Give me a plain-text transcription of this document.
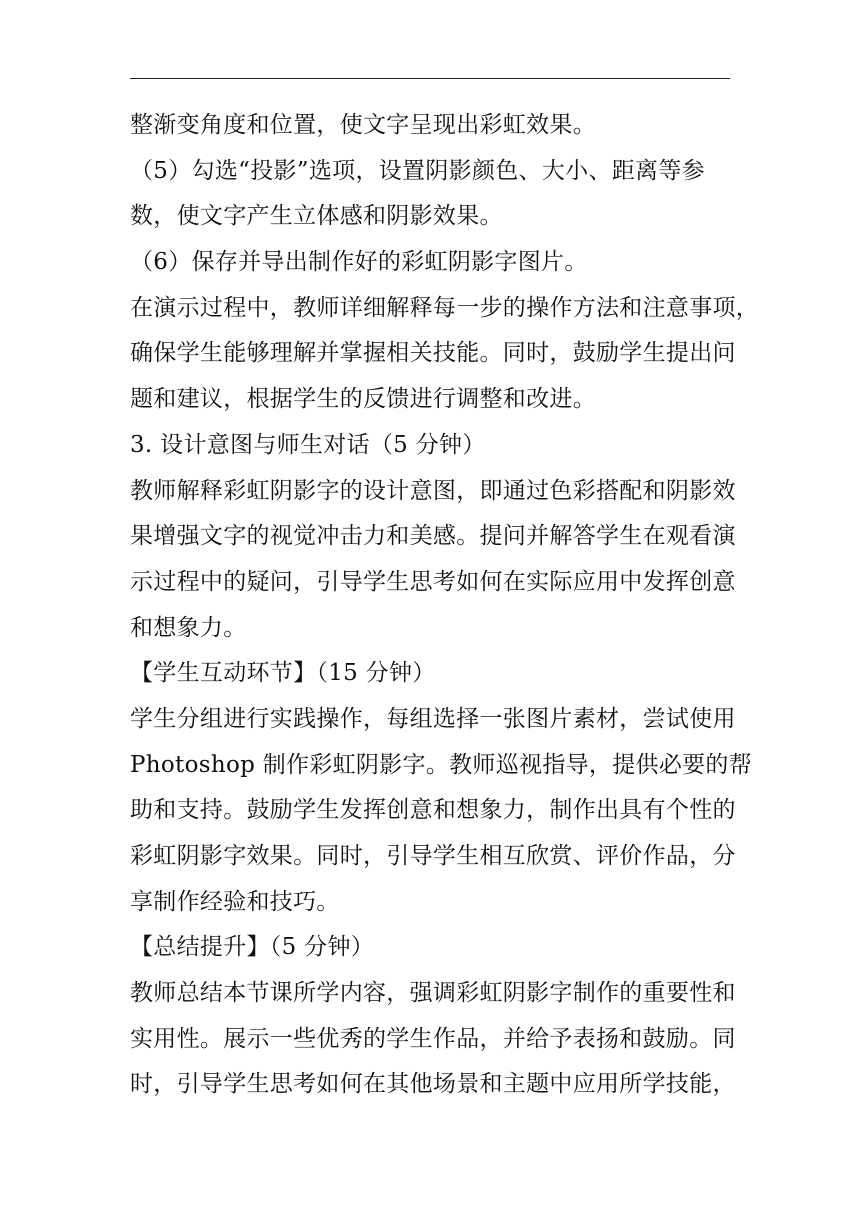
整渐变角度和位置，使文字呈现出彩虹效果。
（5）勾选“投影”选项，设置阴影颜色、大小、距离等参
数，使文字产生立体感和阴影效果。
（6）保存并导出制作好的彩虹阴影字图片。
在演示过程中，教师详细解释每一步的操作方法和注意事项，
确保学生能够理解并掌握相关技能。同时，鼓励学生提出问
题和建议，根据学生的反馈进行调整和改进。
3. 设计意图与师生对话（5 分钟）
教师解释彩虹阴影字的设计意图，即通过色彩搭配和阴影效
果增强文字的视觉冲击力和美感。提问并解答学生在观看演
示过程中的疑问，引导学生思考如何在实际应用中发挥创意
和想象力。
【学生互动环节】（15 分钟）
学生分组进行实践操作，每组选择一张图片素材，尝试使用
Photoshop 制作彩虹阴影字。教师巡视指导，提供必要的帮
助和支持。鼓励学生发挥创意和想象力，制作出具有个性的
彩虹阴影字效果。同时，引导学生相互欣赏、评价作品，分
享制作经验和技巧。
【总结提升】（5 分钟）
教师总结本节课所学内容，强调彩虹阴影字制作的重要性和
实用性。展示一些优秀的学生作品，并给予表扬和鼓励。同
时，引导学生思考如何在其他场景和主题中应用所学技能，
